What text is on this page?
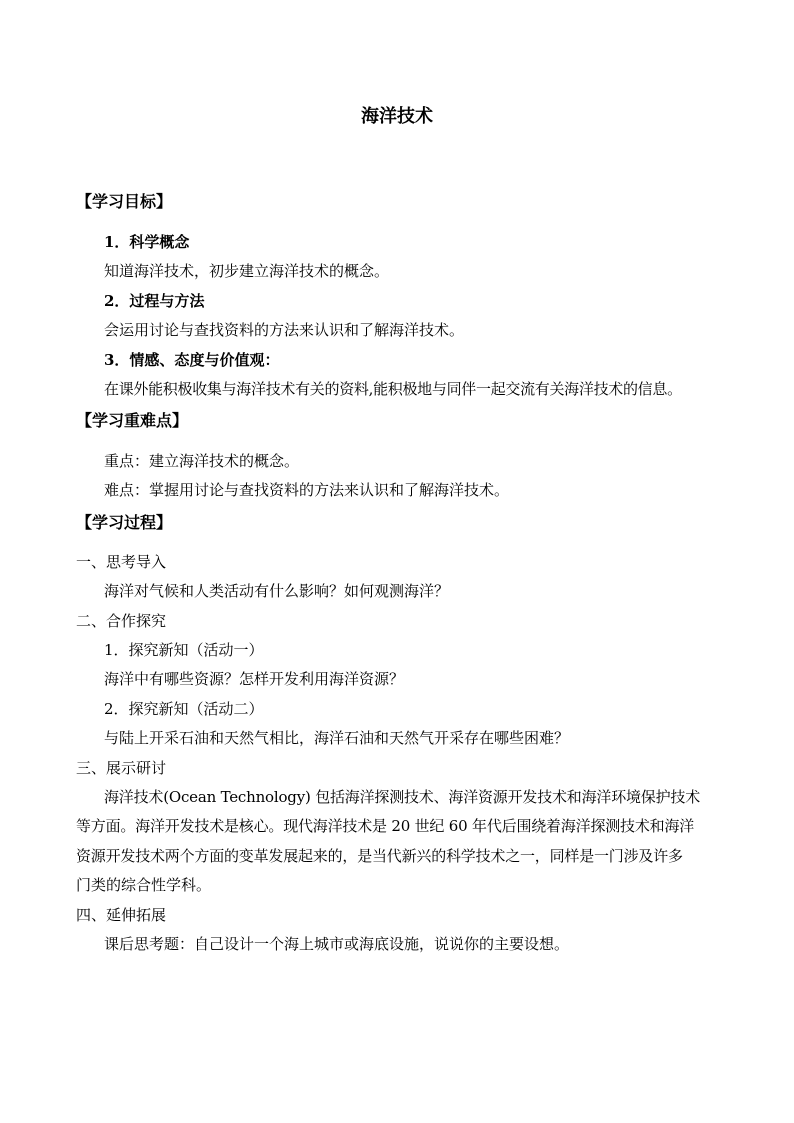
海洋技术
【学习目标】
1．科学概念
知道海洋技术，初步建立海洋技术的概念。
2．过程与方法
会运用讨论与查找资料的方法来认识和了解海洋技术。
3．情感、态度与价值观：
在课外能积极收集与海洋技术有关的资料,能积极地与同伴一起交流有关海洋技术的信息。
【学习重难点】
重点：建立海洋技术的概念。
难点：掌握用讨论与查找资料的方法来认识和了解海洋技术。
【学习过程】
一、思考导入
海洋对气候和人类活动有什么影响？如何观测海洋？
二、合作探究
1．探究新知（活动一）
海洋中有哪些资源？怎样开发利用海洋资源？
2．探究新知（活动二）
与陆上开采石油和天然气相比，海洋石油和天然气开采存在哪些困难？
三、展示研讨
海洋技术(Ocean Technology) 包括海洋探测技术、海洋资源开发技术和海洋环境保护技术
等方面。海洋开发技术是核心。现代海洋技术是 20 世纪 60 年代后围绕着海洋探测技术和海洋
资源开发技术两个方面的变革发展起来的，是当代新兴的科学技术之一，同样是一门涉及许多
门类的综合性学科。
四、延伸拓展
课后思考题：自己设计一个海上城市或海底设施，说说你的主要设想。
